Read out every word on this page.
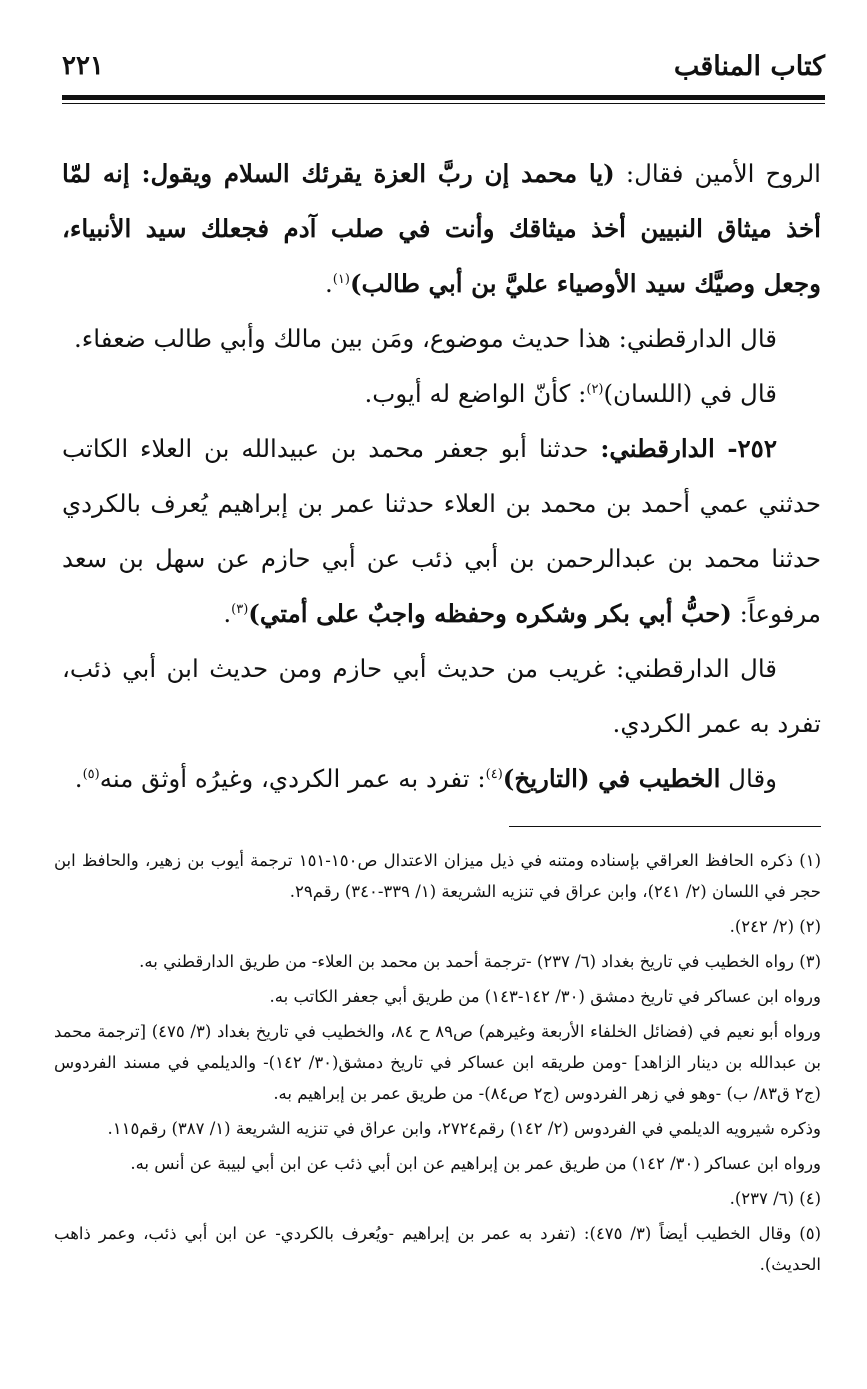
٢٢١	كتاب المناقب

الروح الأمين فقال: (يا محمد إن ربَّ العزة يقرئك السلام ويقول: إنه لمّا أخذ ميثاق النبيين أخذ ميثاقك وأنت في صلب آدم فجعلك سيد الأنبياء، وجعل وصيَّك سيد الأوصياء عليَّ بن أبي طالب)$^{(١)}$.

قال الدارقطني: هذا حديث موضوع، ومَن بين مالك وأبي طالب ضعفاء.

قال في (اللسان)$^{(٢)}$: كأنّ الواضع له أيوب.

٢٥٢- الدارقطني: حدثنا أبو جعفر محمد بن عبيدالله بن العلاء الكاتب حدثني عمي أحمد بن محمد بن العلاء حدثنا عمر بن إبراهيم يُعرف بالكردي حدثنا محمد بن عبدالرحمن بن أبي ذئب عن أبي حازم عن سهل بن سعد مرفوعاً: (حبُّ أبي بكر وشكره وحفظه واجبٌ على أمتي)$^{(٣)}$.

قال الدارقطني: غريب من حديث أبي حازم ومن حديث ابن أبي ذئب، تفرد به عمر الكردي.

وقال الخطيب في (التاريخ)$^{(٤)}$: تفرد به عمر الكردي، وغيرُه أوثق منه$^{(٥)}$.

(١) ذكره الحافظ العراقي بإسناده ومتنه في ذيل ميزان الاعتدال ص١٥٠-١٥١ ترجمة أيوب بن زهير، والحافظ ابن حجر في اللسان (٢/ ٢٤١)، وابن عراق في تنزيه الشريعة (١/ ٣٣٩-٣٤٠) رقم٢٩.

(٢) (٢/ ٢٤٢).

(٣) رواه الخطيب في تاريخ بغداد (٦/ ٢٣٧) -ترجمة أحمد بن محمد بن العلاء- من طريق الدارقطني به.

ورواه ابن عساكر في تاريخ دمشق (٣٠/ ١٤٢-١٤٣) من طريق أبي جعفر الكاتب به.

ورواه أبو نعيم في (فضائل الخلفاء الأربعة وغيرهم) ص٨٩ ح ٨٤، والخطيب في تاريخ بغداد (٣/ ٤٧٥) [ترجمة محمد بن عبدالله بن دينار الزاهد] -ومن طريقه ابن عساكر في تاريخ دمشق(٣٠/ ١٤٢)- والديلمي في مسند الفردوس (ج٢ ق٨٣/ ب) -وهو في زهر الفردوس (ج٢ ص٨٤)- من طريق عمر بن إبراهيم به.

وذكره شيرويه الديلمي في الفردوس (٢/ ١٤٢) رقم٢٧٢٤، وابن عراق في تنزيه الشريعة (١/ ٣٨٧) رقم١١٥.

ورواه ابن عساكر (٣٠/ ١٤٢) من طريق عمر بن إبراهيم عن ابن أبي ذئب عن ابن أبي لبيبة عن أنس به.

(٤) (٦/ ٢٣٧).

(٥) وقال الخطيب أيضاً (٣/ ٤٧٥): (تفرد به عمر بن إبراهيم -ويُعرف بالكردي- عن ابن أبي ذئب، وعمر ذاهب الحديث).
